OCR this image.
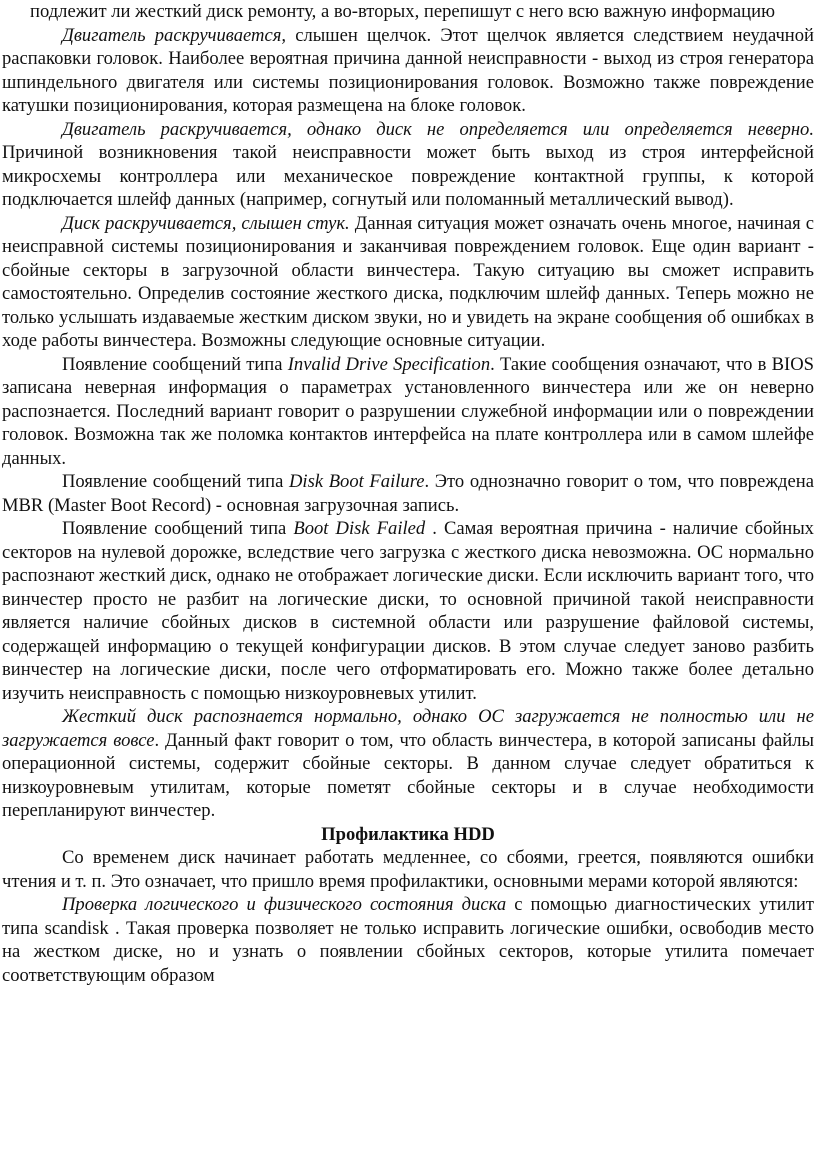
подлежит ли жесткий диск ремонту, а во-вторых, перепишут с него всю важную информацию

Двигатель раскручивается, слышен щелчок. Этот щелчок является следствием неудачной распаковки головок. Наиболее вероятная причина данной неисправности - выход из строя генератора шпиндельного двигателя или системы позиционирования головок. Возможно также повреждение катушки позиционирования, которая размещена на блоке головок.

Двигатель раскручивается, однако диск не определяется или определяется неверно. Причиной возникновения такой неисправности может быть выход из строя интерфейсной микросхемы контроллера или механическое повреждение контактной группы, к которой подключается шлейф данных (например, согнутый или поломанный металлический вывод).

Диск раскручивается, слышен стук. Данная ситуация может означать очень многое, начиная с неисправной системы позиционирования и заканчивая повреждением головок. Еще один вариант - сбойные секторы в загрузочной области винчестера. Такую ситуацию вы сможет исправить самостоятельно. Определив состояние жесткого диска, подключим шлейф данных. Теперь можно не только услышать издаваемые жестким диском звуки, но и увидеть на экране сообщения об ошибках в ходе работы винчестера. Возможны следующие основные ситуации.

Появление сообщений типа Invalid Drive Specification. Такие сообщения означают, что в BIOS записана неверная информация о параметрах установленного винчестера или же он неверно распознается. Последний вариант говорит о разрушении служебной информации или о повреждении головок. Возможна так же поломка контактов интерфейса на плате контроллера или в самом шлейфе данных.

Появление сообщений типа Disk Boot Failure. Это однозначно говорит о том, что повреждена MBR (Master Boot Record) - основная загрузочная запись.

Появление сообщений типа Boot Disk Failed . Самая вероятная причина - наличие сбойных секторов на нулевой дорожке, вследствие чего загрузка с жесткого диска невозможна. ОС нормально распознают жесткий диск, однако не отображает логические диски. Если исключить вариант того, что винчестер просто не разбит на логические диски, то основной причиной такой неисправности является наличие сбойных дисков в системной области или разрушение файловой системы, содержащей информацию о текущей конфигурации дисков. В этом случае следует заново разбить винчестер на логические диски, после чего отформатировать его. Можно также более детально изучить неисправность с помощью низкоуровневых утилит.

Жесткий диск распознается нормально, однако ОС загружается не полностью или не загружается вовсе. Данный факт говорит о том, что область винчестера, в которой записаны файлы операционной системы, содержит сбойные секторы. В данном случае следует обратиться к низкоуровневым утилитам, которые пометят сбойные секторы и в случае необходимости перепланируют винчестер.

Профилактика HDD

Со временем диск начинает работать медленнее, со сбоями, греется, появляются ошибки чтения и т. п. Это означает, что пришло время профилактики, основными мерами которой являются:

Проверка логического и физического состояния диска с помощью диагностических утилит типа scandisk . Такая проверка позволяет не только исправить логические ошибки, освободив место на жестком диске, но и узнать о появлении сбойных секторов, которые утилита помечает соответствующим образом
